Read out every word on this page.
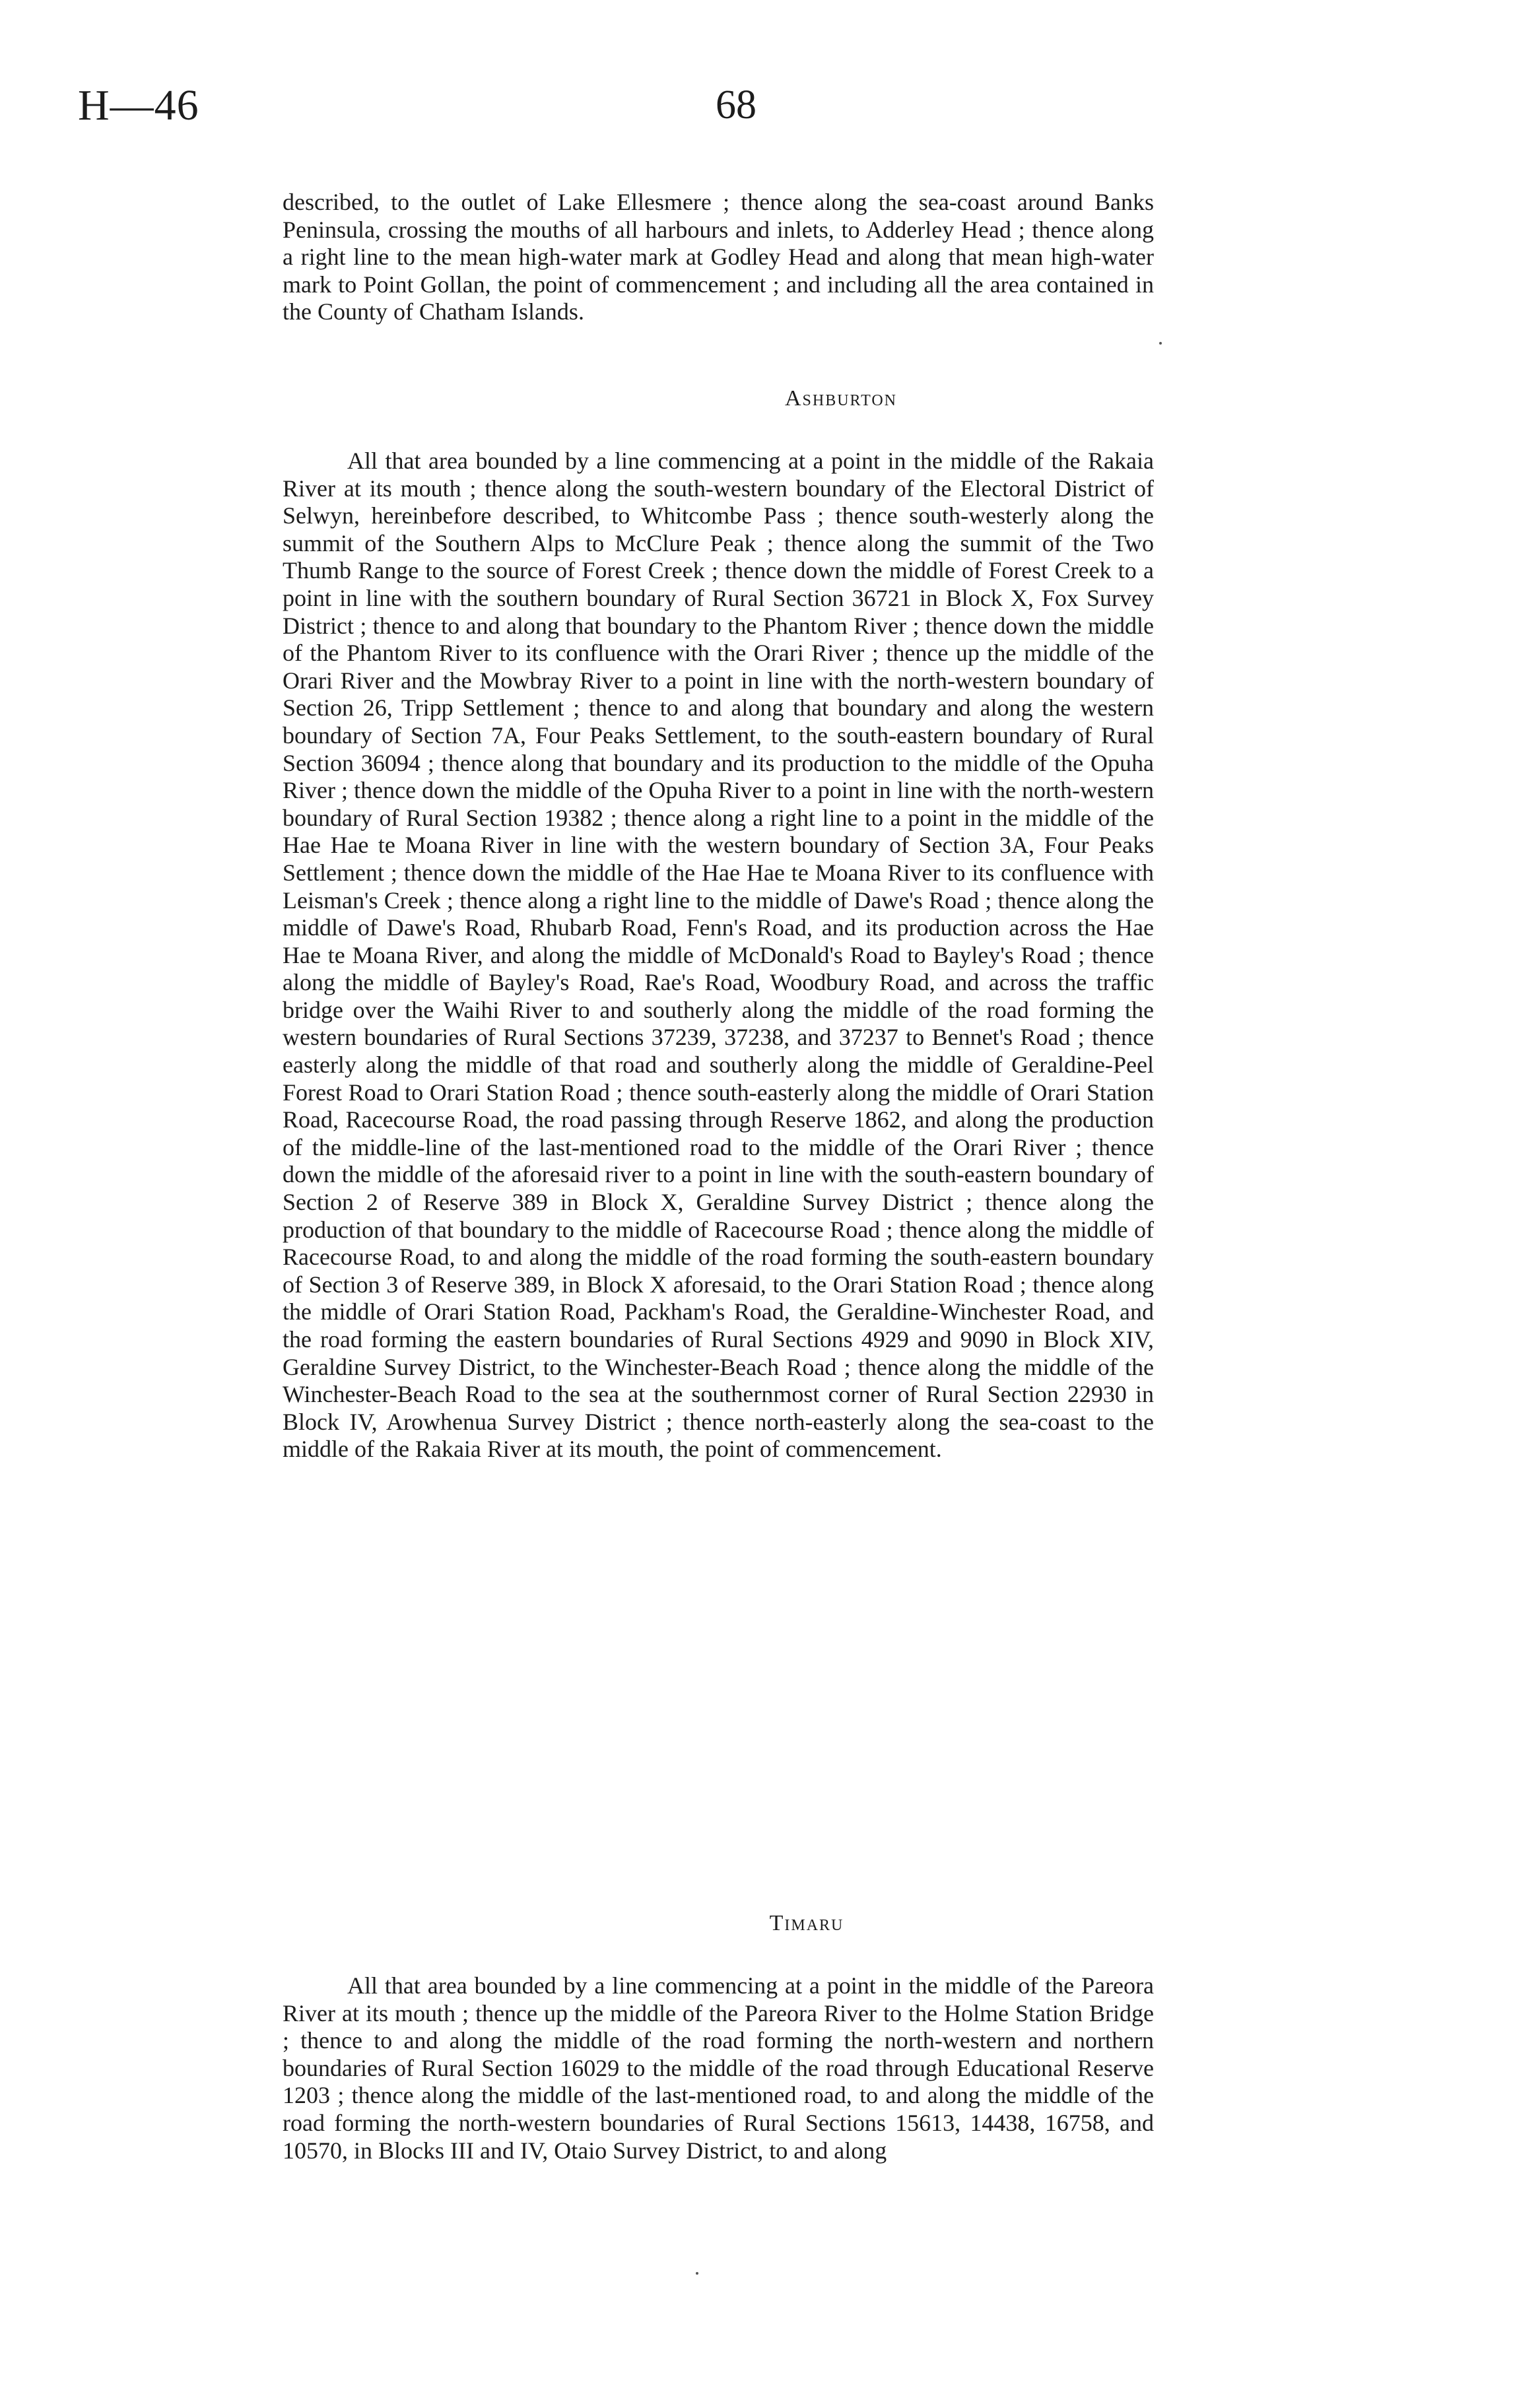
H—46	68

described, to the outlet of Lake Ellesmere ; thence along the sea-coast around Banks Peninsula, crossing the mouths of all harbours and inlets, to Adderley Head ; thence along a right line to the mean high-water mark at Godley Head and along that mean high-water mark to Point Gollan, the point of commencement ; and including all the area contained in the County of Chatham Islands.

Ashburton

All that area bounded by a line commencing at a point in the middle of the Rakaia River at its mouth ; thence along the south-western boundary of the Electoral District of Selwyn, hereinbefore described, to Whitcombe Pass ; thence south-westerly along the summit of the Southern Alps to McClure Peak ; thence along the summit of the Two Thumb Range to the source of Forest Creek ; thence down the middle of Forest Creek to a point in line with the southern boundary of Rural Section 36721 in Block X, Fox Survey District ; thence to and along that boundary to the Phantom River ; thence down the middle of the Phantom River to its confluence with the Orari River ; thence up the middle of the Orari River and the Mowbray River to a point in line with the north-western boundary of Section 26, Tripp Settlement ; thence to and along that boundary and along the western boundary of Section 7A, Four Peaks Settlement, to the south-eastern boundary of Rural Section 36094 ; thence along that boundary and its production to the middle of the Opuha River ; thence down the middle of the Opuha River to a point in line with the north-western boundary of Rural Section 19382 ; thence along a right line to a point in the middle of the Hae Hae te Moana River in line with the western boundary of Section 3A, Four Peaks Settlement ; thence down the middle of the Hae Hae te Moana River to its confluence with Leisman's Creek ; thence along a right line to the middle of Dawe's Road ; thence along the middle of Dawe's Road, Rhubarb Road, Fenn's Road, and its production across the Hae Hae te Moana River, and along the middle of McDonald's Road to Bayley's Road ; thence along the middle of Bayley's Road, Rae's Road, Woodbury Road, and across the traffic bridge over the Waihi River to and southerly along the middle of the road forming the western boundaries of Rural Sections 37239, 37238, and 37237 to Bennet's Road ; thence easterly along the middle of that road and southerly along the middle of Geraldine-Peel Forest Road to Orari Station Road ; thence south-easterly along the middle of Orari Station Road, Racecourse Road, the road passing through Reserve 1862, and along the production of the middle-line of the last-mentioned road to the middle of the Orari River ; thence down the middle of the aforesaid river to a point in line with the south-eastern boundary of Section 2 of Reserve 389 in Block X, Geraldine Survey District ; thence along the production of that boundary to the middle of Racecourse Road ; thence along the middle of Racecourse Road, to and along the middle of the road forming the south-eastern boundary of Section 3 of Reserve 389, in Block X aforesaid, to the Orari Station Road ; thence along the middle of Orari Station Road, Packham's Road, the Geraldine-Winchester Road, and the road forming the eastern boundaries of Rural Sections 4929 and 9090 in Block XIV, Geraldine Survey District, to the Winchester-Beach Road ; thence along the middle of the Winchester-Beach Road to the sea at the southernmost corner of Rural Section 22930 in Block IV, Arowhenua Survey District ; thence north-easterly along the sea-coast to the middle of the Rakaia River at its mouth, the point of commencement.

Timaru

All that area bounded by a line commencing at a point in the middle of the Pareora River at its mouth ; thence up the middle of the Pareora River to the Holme Station Bridge ; thence to and along the middle of the road forming the north-western and northern boundaries of Rural Section 16029 to the middle of the road through Educational Reserve 1203 ; thence along the middle of the last-mentioned road, to and along the middle of the road forming the north-western boundaries of Rural Sections 15613, 14438, 16758, and 10570, in Blocks III and IV, Otaio Survey District, to and along
